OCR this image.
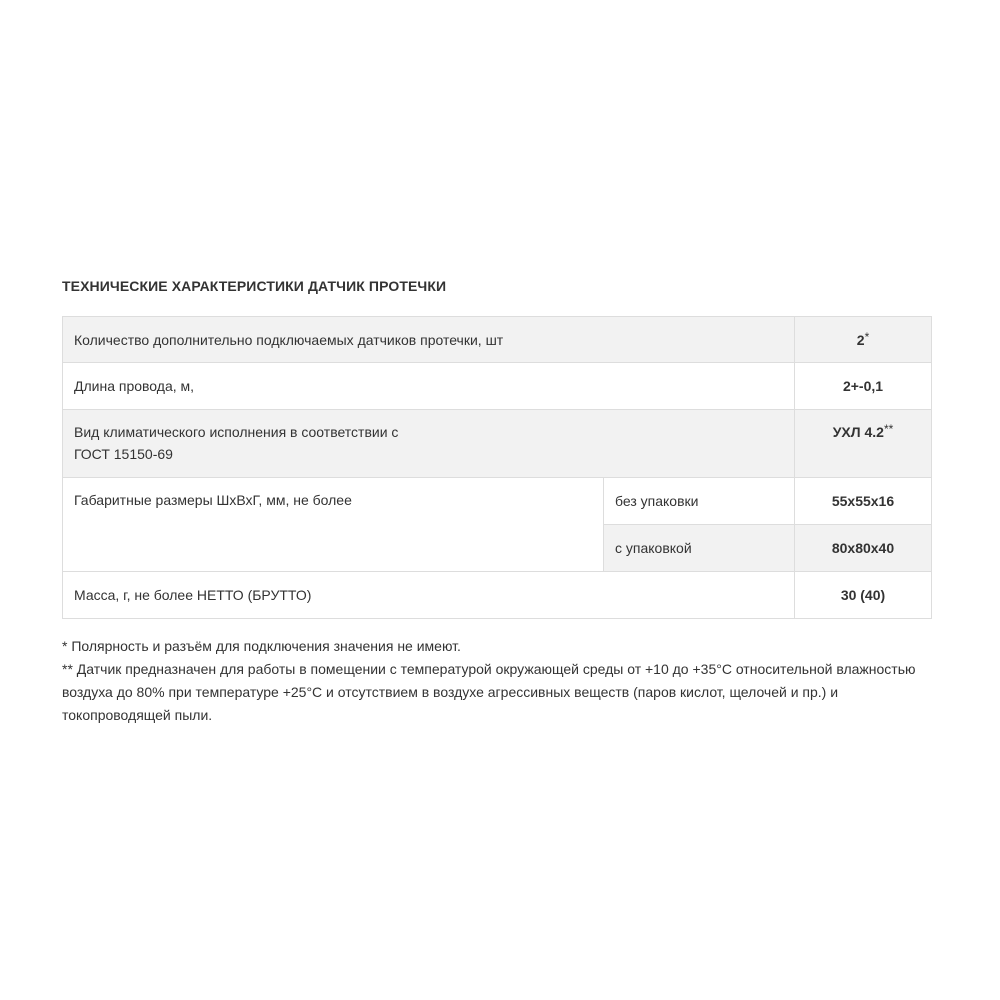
ТЕХНИЧЕСКИЕ ХАРАКТЕРИСТИКИ ДАТЧИК ПРОТЕЧКИ
Количество дополнительно подключаемых датчиков протечки, шт		2*
Длина провода, м,		2+-0,1

Вид климатического исполнения в соответствии с
ГОСТ 15150-69		УХЛ 4.2**
Габаритные размеры ШхВхГ, мм, не более	без упаковки	55x55x16
	с упаковкой	80x80x40
Масса, г, не более НЕТТО (БРУТТО)		30 (40)

* Полярность и разъём для подключения значения не имеют.

** Датчик предназначен для работы в помещении с температурой окружающей среды от +10 до +35°С относительной влажностью воздуха до 80% при температуре +25°С и отсутствием в воздухе агрессивных веществ (паров кислот, щелочей и пр.) и токопроводящей пыли.
